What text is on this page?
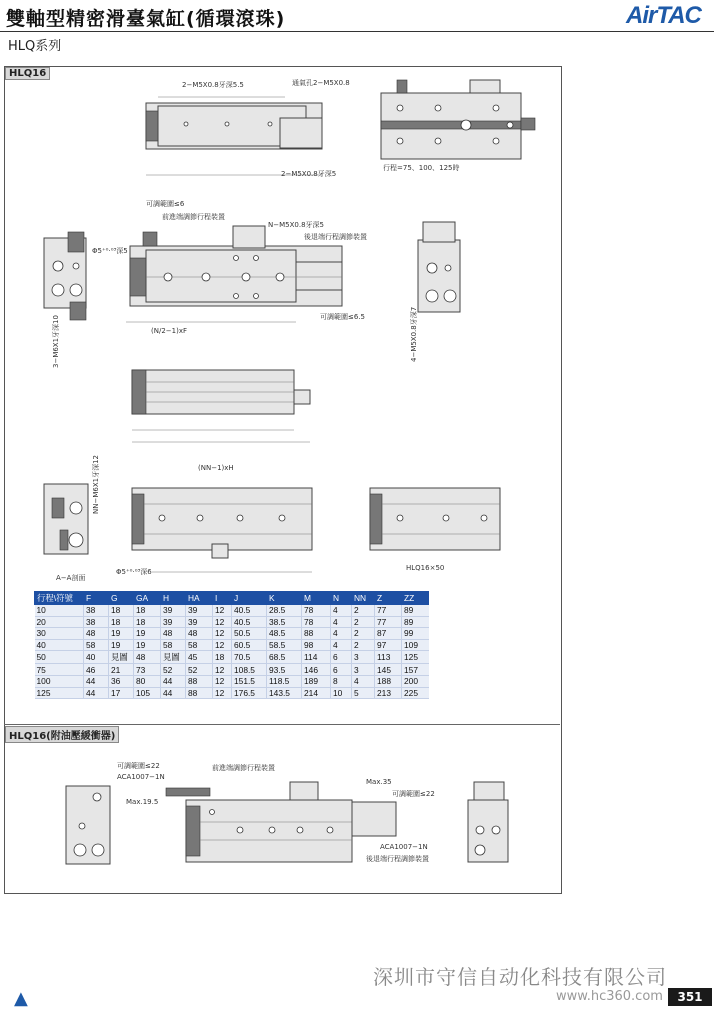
雙軸型精密滑臺氣缸(循環滾珠)	AirTAC
HLQ系列
HLQ16
HLQ16(附油壓緩衝器)
2−M5X0.8牙深5.5	通氣孔2−M5X0.8
行程=75、100、125時
2−M5X0.8牙深5
可調範圍≤6
前進端調節行程裝置
N−M5X0.8牙深5
後退端行程調節裝置
可調範圍≤6.5
Φ5⁺⁰·⁰³深5
(N/2−1)xF
A−A剖面
Φ5⁺⁰·⁰³深6	HLQ16×50
(NN−1)xH
可調範圍≤22
ACA1007−1N
前進端調節行程裝置
Max.19.5
Max.35
可調範圍≤22
ACA1007−1N
後退端行程調節裝置
3−M6X1牙深10	4−M5X0.8牙深7
NN−M6X1牙深12
行程\符號	F	G	GA	H	HA	I	J	K	M	N	NN	Z	ZZ
10	38	18	18	39	39	12	40.5	28.5	78	4	2	77	89
20	38	18	18	39	39	12	40.5	38.5	78	4	2	77	89
30	48	19	19	48	48	12	50.5	48.5	88	4	2	87	99
40	58	19	19	58	58	12	60.5	58.5	98	4	2	97	109
50	40	見圖	48	見圖	45	18	70.5	68.5	114	6	3	113	125
75	46	21	73	52	52	12	108.5	93.5	146	6	3	145	157
100	44	36	80	44	88	12	151.5	118.5	189	8	4	188	200
125	44	17	105	44	88	12	176.5	143.5	214	10	5	213	225
▲
深圳市守信自动化科技有限公司
www.hc360.com	351
